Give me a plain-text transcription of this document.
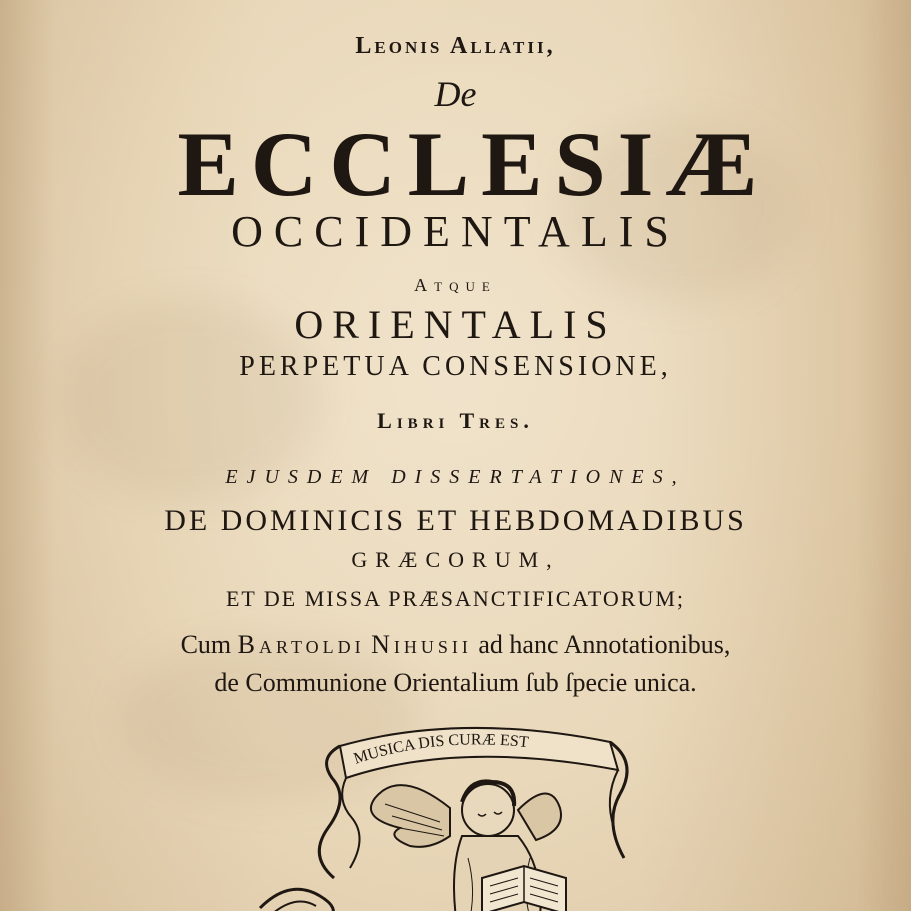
Leonis Allatii,
De
ECCLESIÆ
OCCIDENTALIS
Atque
ORIENTALIS
PERPETUA CONSENSIONE,
Libri Tres.
EJUSDEM DISSERTATIONES,
DE DOMINICIS ET HEBDOMADIBUS
GRÆCORUM,
ET DE MISSA PRÆSANCTIFICATORUM;
Cum Bartoldi Nihusii ad hanc Annotationibus,
de Communione Orientalium ſub ſpecie unica.
MUSICA DIS CURÆ EST
